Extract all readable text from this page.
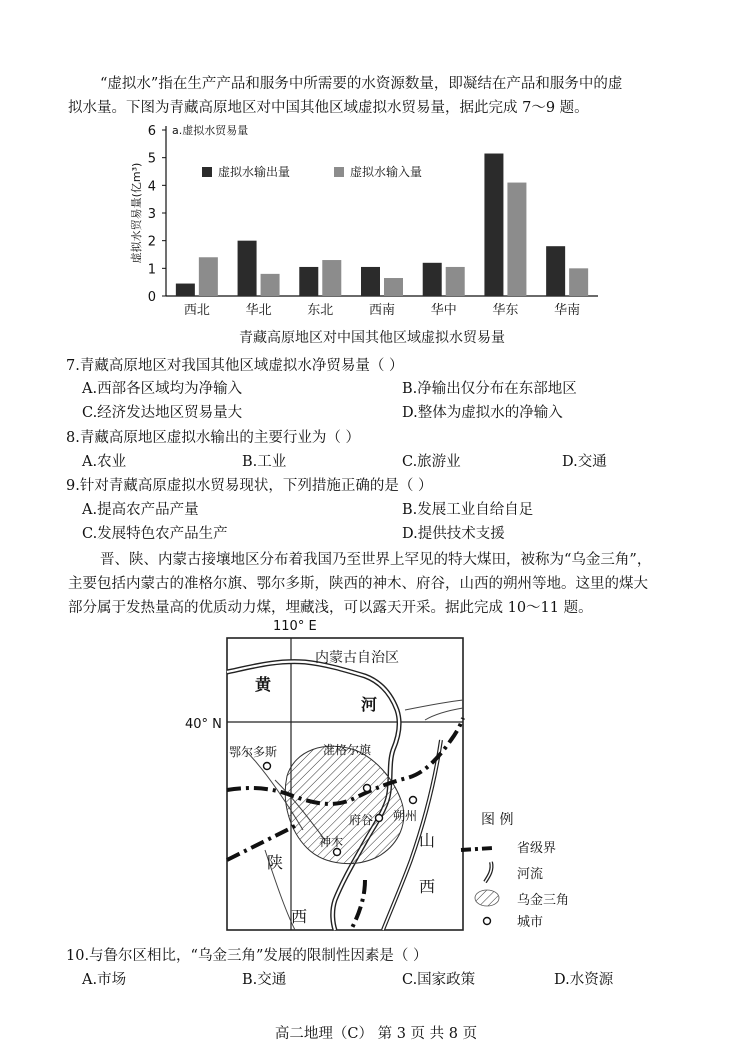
“虚拟水”指在生产产品和服务中所需要的水资源数量，即凝结在产品和服务中的虚
拟水量。下图为青藏高原地区对中国其他区域虚拟水贸易量，据此完成 7～9 题。
0
1
2
3
4
5
6
虚拟水贸易量(亿m³)
a.虚拟水贸易量
虚拟水输出量	虚拟水输入量
青藏高原地区对中国其他区域虚拟水贸易量
西北	华北	东北	西南	华中	华东	华南
7.青藏高原地区对我国其他区域虚拟水净贸易量（ ）
A.西部各区域均为净输入	B.净输出仅分布在东部地区
C.经济发达地区贸易量大	D.整体为虚拟水的净输入
8.青藏高原地区虚拟水输出的主要行业为（ ）
A.农业	B.工业	C.旅游业	D.交通
9.针对青藏高原虚拟水贸易现状，下列措施正确的是（ ）
A.提高农产品产量	B.发展工业自给自足
C.发展特色农产品生产	D.提供技术支援
晋、陕、内蒙古接壤地区分布着我国乃至世界上罕见的特大煤田，被称为“乌金三角”，
主要包括内蒙古的准格尔旗、鄂尔多斯，陕西的神木、府谷，山西的朔州等地。这里的煤大
部分属于发热量高的优质动力煤，埋藏浅，可以露天开采。据此完成 10～11 题。
110° E
40° N
内蒙古自治区
黄
河
山
西
陕
西
鄂尔多斯	准格尔旗
府谷 朔州
神木
图 例
省级界
河流
乌金三角
城市
10.与鲁尔区相比，“乌金三角”发展的限制性因素是（ ）
A.市场	B.交通	C.国家政策	D.水资源
高二地理（C） 第 3 页 共 8 页
